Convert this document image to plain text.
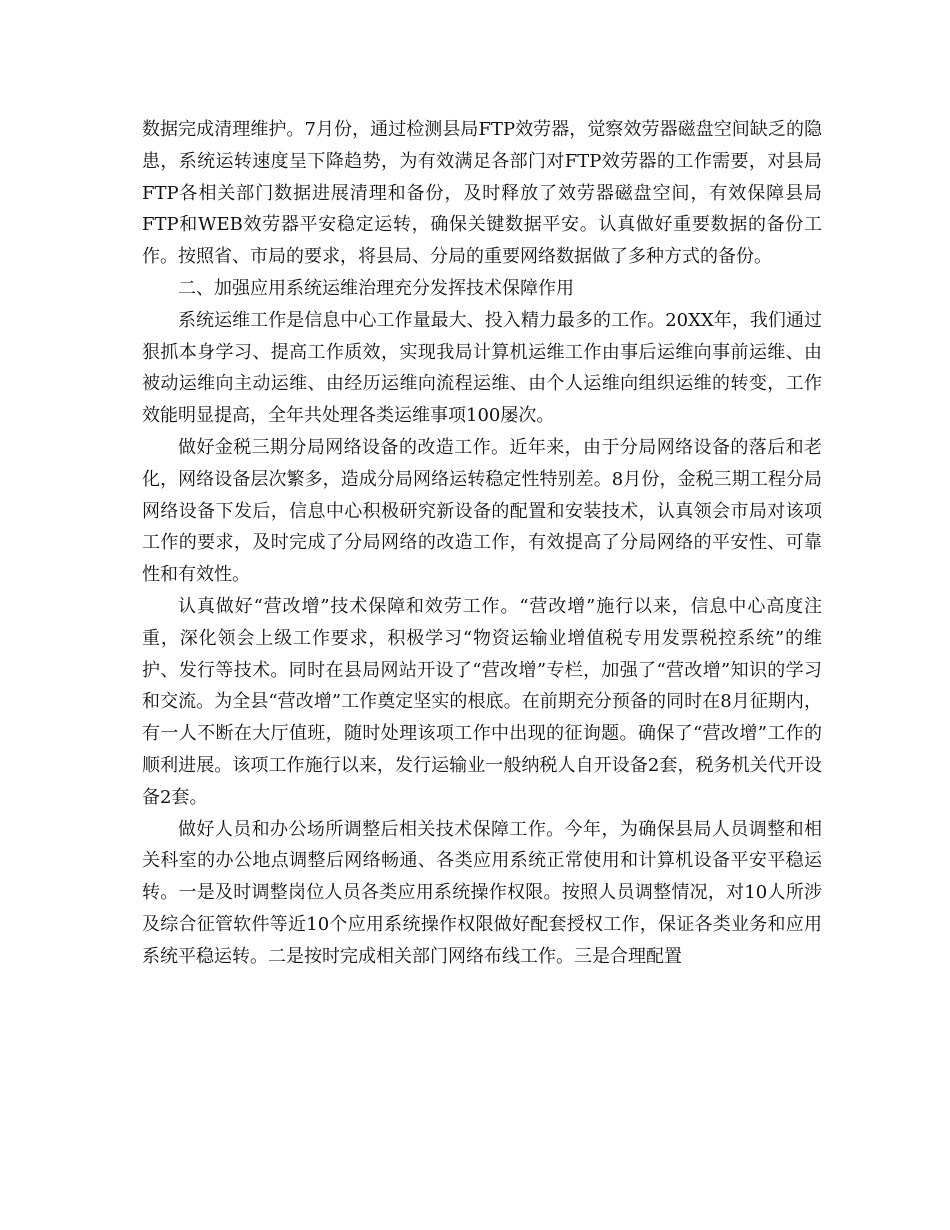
数据完成清理维护。7月份，通过检测县局FTP效劳器，觉察效劳器磁盘空间缺乏的隐患，系统运转速度呈下降趋势，为有效满足各部门对FTP效劳器的工作需要，对县局FTP各相关部门数据进展清理和备份，及时释放了效劳器磁盘空间，有效保障县局FTP和WEB效劳器平安稳定运转，确保关键数据平安。认真做好重要数据的备份工作。按照省、市局的要求，将县局、分局的重要网络数据做了多种方式的备份。

二、加强应用系统运维治理充分发挥技术保障作用

系统运维工作是信息中心工作量最大、投入精力最多的工作。20XX年，我们通过狠抓本身学习、提高工作质效，实现我局计算机运维工作由事后运维向事前运维、由被动运维向主动运维、由经历运维向流程运维、由个人运维向组织运维的转变，工作效能明显提高，全年共处理各类运维事项100屡次。

做好金税三期分局网络设备的改造工作。近年来，由于分局网络设备的落后和老化，网络设备层次繁多，造成分局网络运转稳定性特别差。8月份，金税三期工程分局网络设备下发后，信息中心积极研究新设备的配置和安装技术，认真领会市局对该项工作的要求，及时完成了分局网络的改造工作，有效提高了分局网络的平安性、可靠性和有效性。

认真做好“营改增”技术保障和效劳工作。“营改增”施行以来，信息中心高度注重，深化领会上级工作要求，积极学习“物资运输业增值税专用发票税控系统”的维护、发行等技术。同时在县局网站开设了“营改增”专栏，加强了“营改增”知识的学习和交流。为全县“营改增”工作奠定坚实的根底。在前期充分预备的同时在8月征期内，有一人不断在大厅值班，随时处理该项工作中出现的征询题。确保了“营改增”工作的顺利进展。该项工作施行以来，发行运输业一般纳税人自开设备2套，税务机关代开设备2套。

做好人员和办公场所调整后相关技术保障工作。今年，为确保县局人员调整和相关科室的办公地点调整后网络畅通、各类应用系统正常使用和计算机设备平安平稳运转。一是及时调整岗位人员各类应用系统操作权限。按照人员调整情况，对10人所涉及综合征管软件等近10个应用系统操作权限做好配套授权工作，保证各类业务和应用系统平稳运转。二是按时完成相关部门网络布线工作。三是合理配置
